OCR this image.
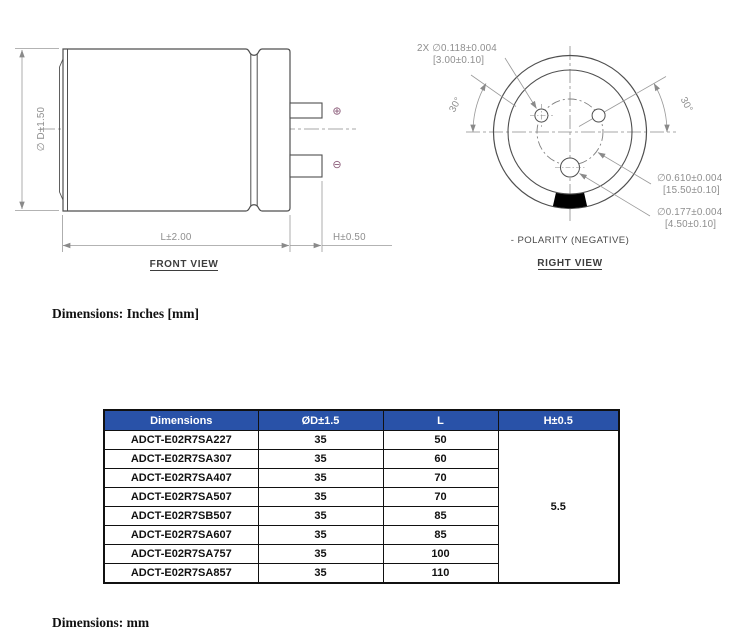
∅ D±1.50	⊕
⊖
L±2.00	H±0.50
FRONT VIEW
30°	30°
2X ∅0.118±0.004
[3.00±0.10]
∅0.610±0.004
[15.50±0.10]
∅0.177±0.004
[4.50±0.10]
- POLARITY (NEGATIVE)
RIGHT VIEW
Dimensions: Inches [mm]
Dimensions	ØD±1.5	L	H±0.5
ADCT-E02R7SA227	35	50	5.5
ADCT-E02R7SA307	35	60	
ADCT-E02R7SA407	35	70	
ADCT-E02R7SA507	35	70	
ADCT-E02R7SB507	35	85	
ADCT-E02R7SA607	35	85	
ADCT-E02R7SA757	35	100	
ADCT-E02R7SA857	35	110	
Dimensions: mm
